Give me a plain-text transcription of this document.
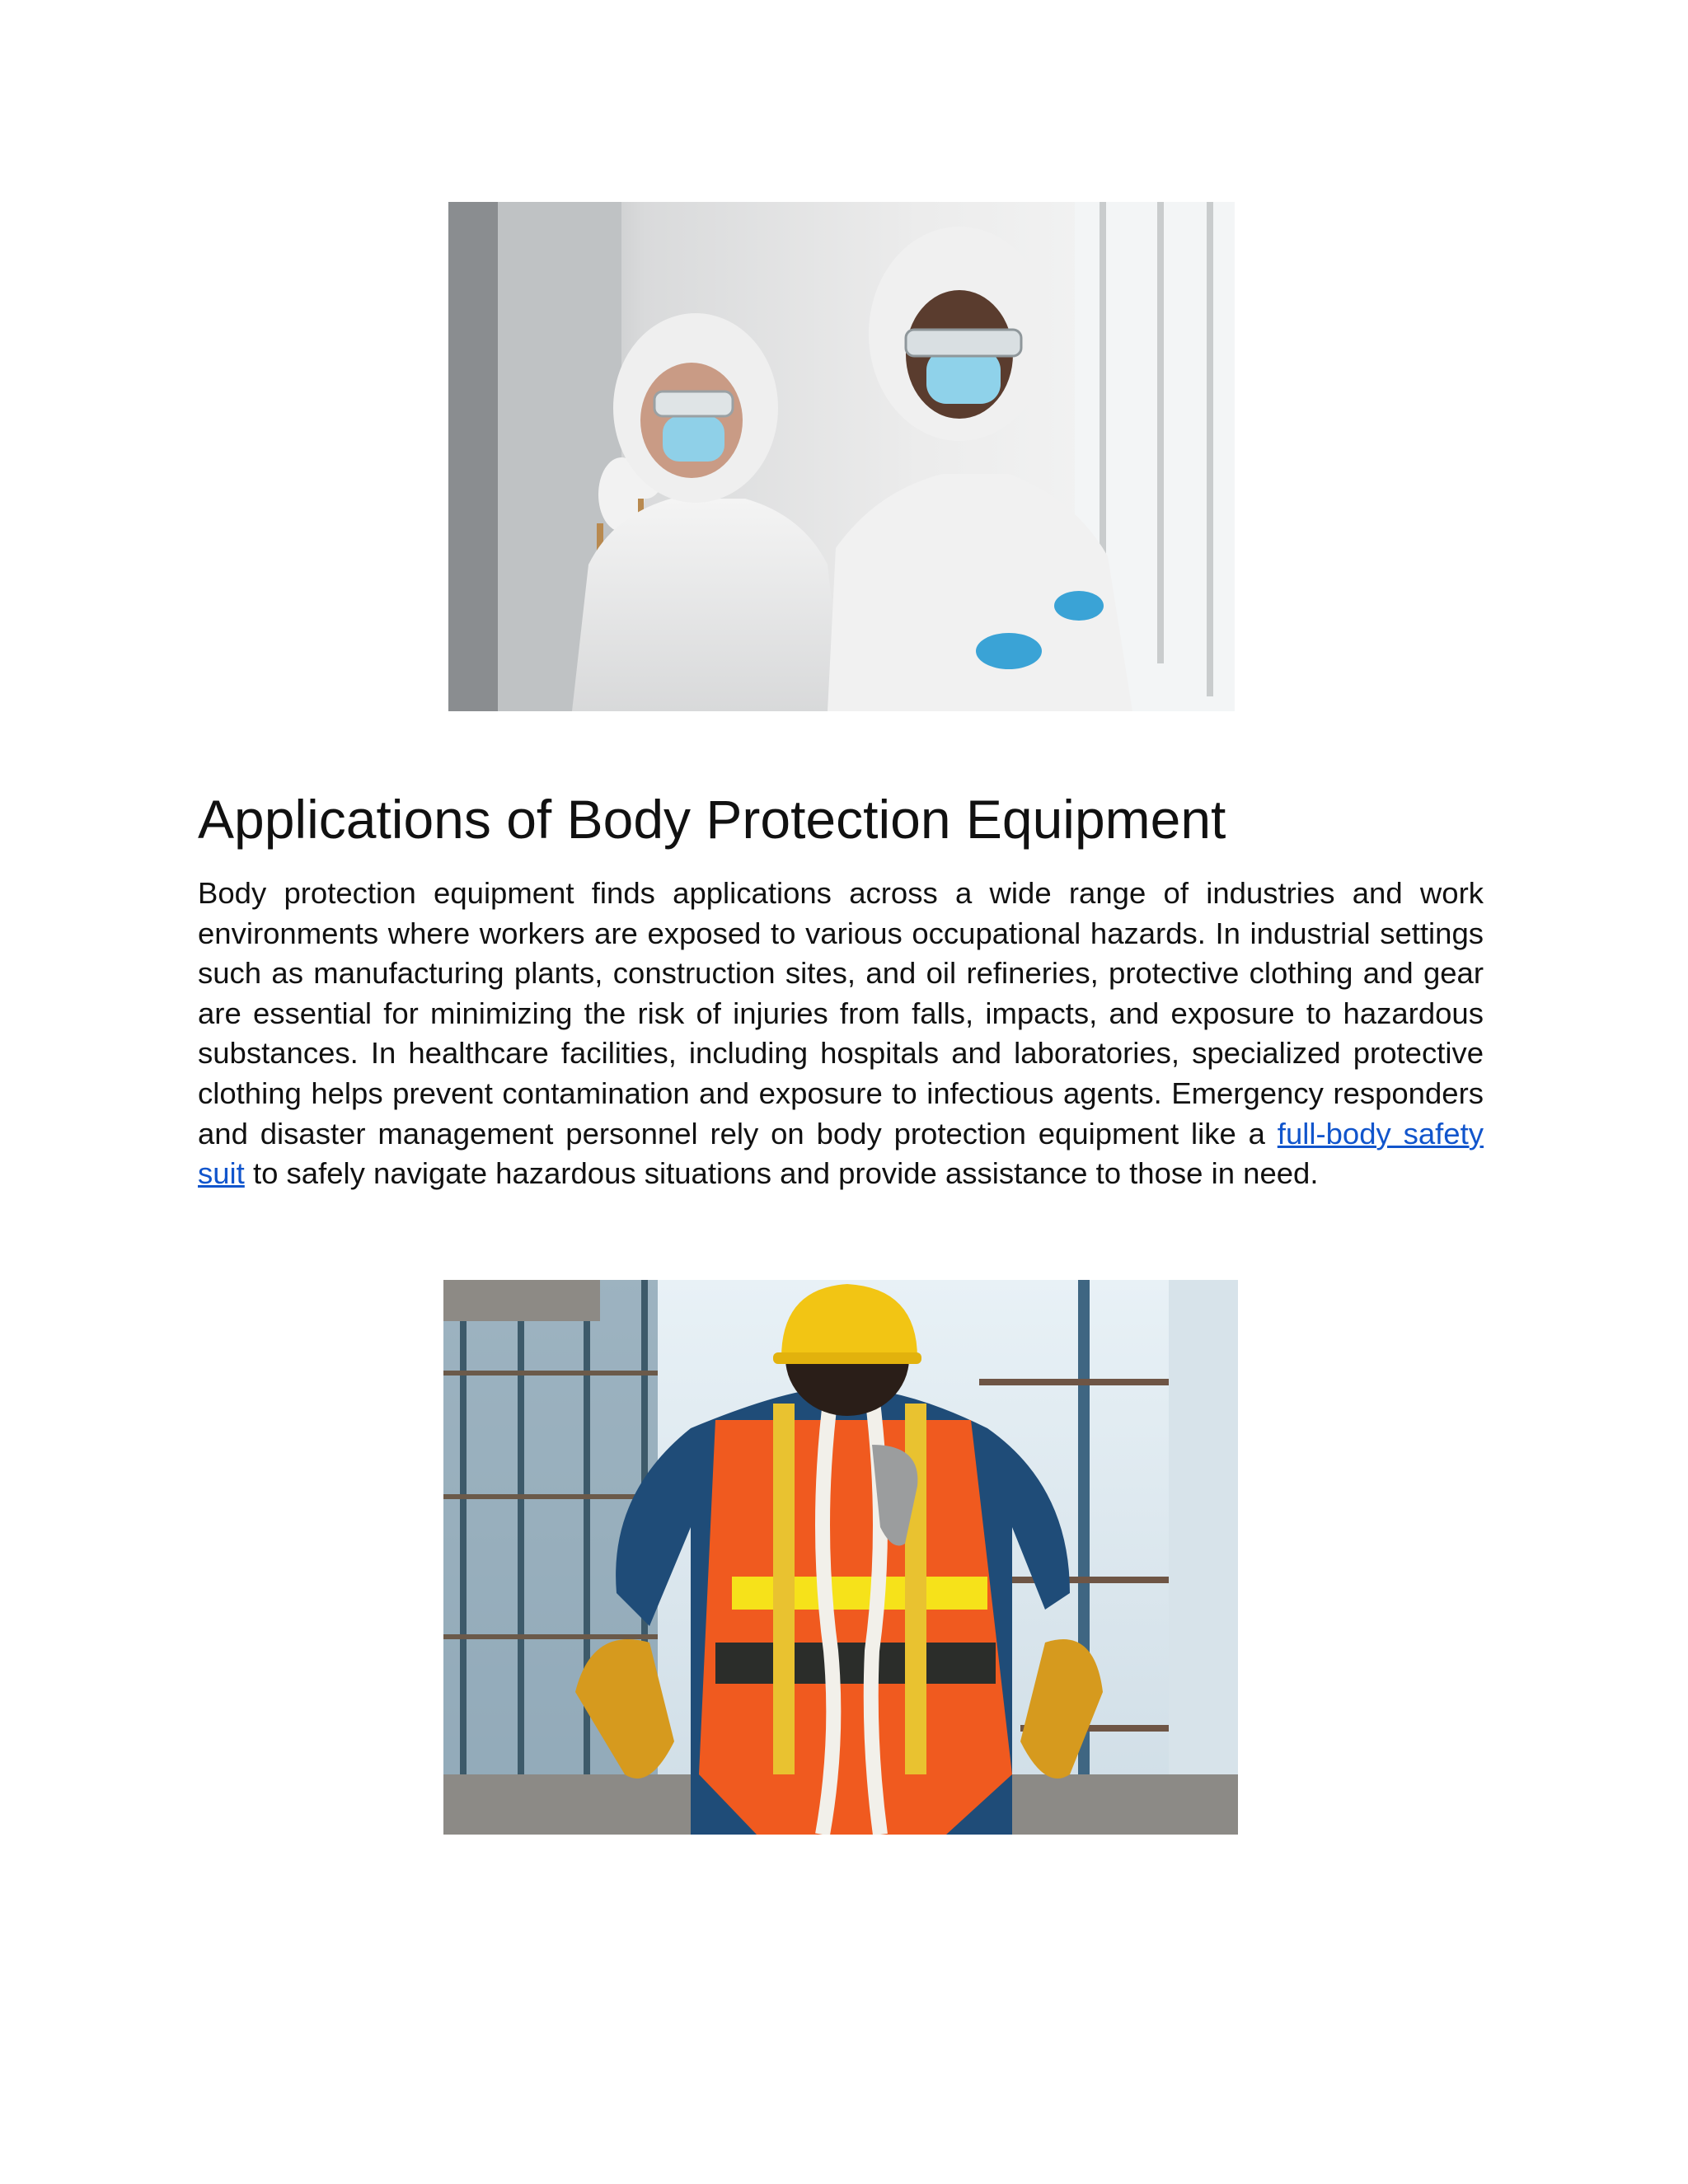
Applications of Body Protection Equipment

Body protection equipment finds applications across a wide range of industries and work environments where workers are exposed to various occupational hazards. In industrial settings such as manufacturing plants, construction sites, and oil refineries, protective clothing and gear are essential for minimizing the risk of injuries from falls, impacts, and exposure to hazardous substances. In healthcare facilities, including hospitals and laboratories, specialized protective clothing helps prevent contamination and exposure to infectious agents. Emergency responders and disaster management personnel rely on body protection equipment like a full-body safety suit to safely navigate hazardous situations and provide assistance to those in need.
